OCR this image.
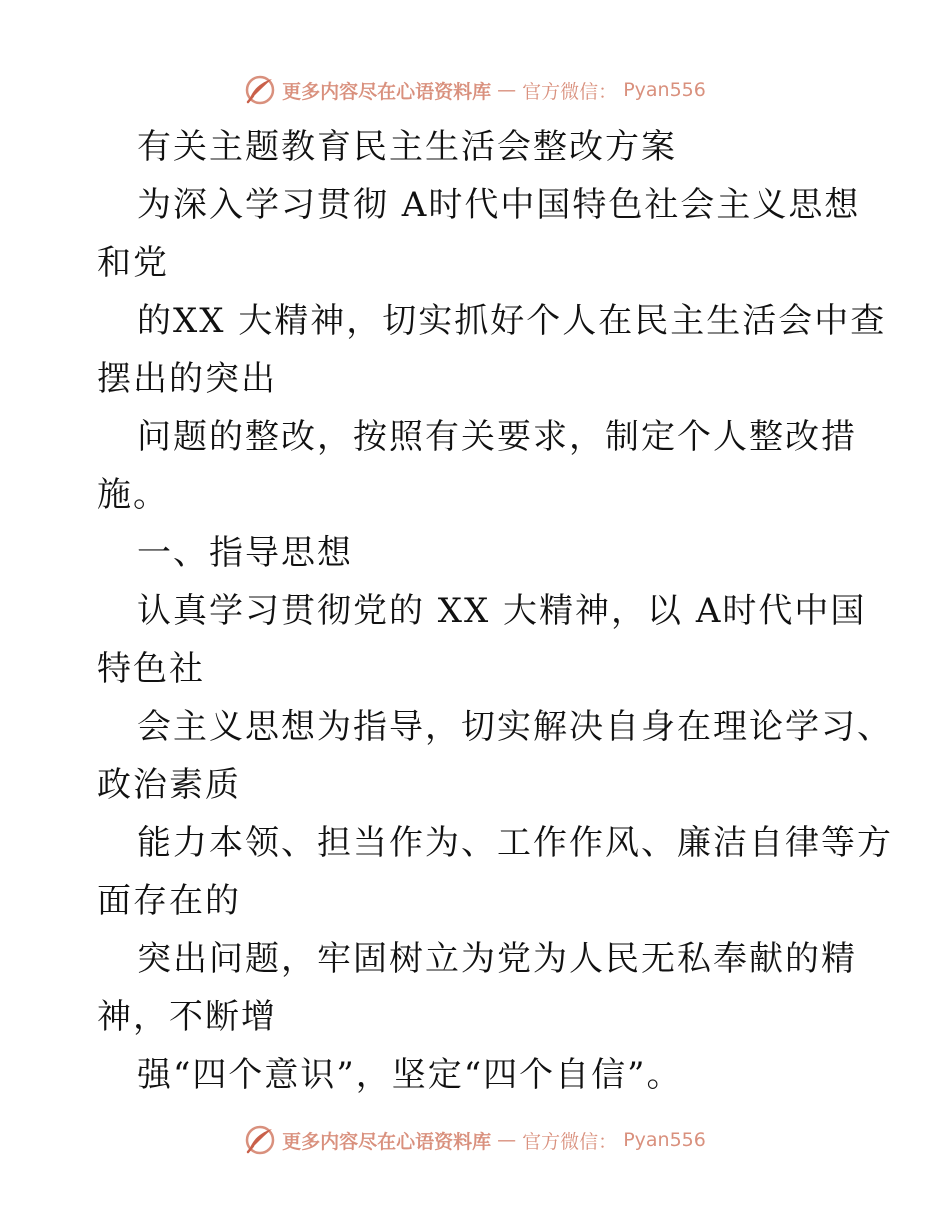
更多内容尽在心语资料库 — 官方微信： Pyan556
有关主题教育民主生活会整改方案
为深入学习贯彻 A时代中国特色社会主义思想
和党
的XX 大精神，切实抓好个人在民主生活会中查
摆出的突出
问题的整改，按照有关要求，制定个人整改措
施。
一、指导思想
认真学习贯彻党的 XX 大精神，以 A时代中国
特色社
会主义思想为指导，切实解决自身在理论学习、
政治素质
能力本领、担当作为、工作作风、廉洁自律等方
面存在的
突出问题，牢固树立为党为人民无私奉献的精
神，不断增
强“四个意识”，坚定“四个自信”。
更多内容尽在心语资料库 — 官方微信： Pyan556
